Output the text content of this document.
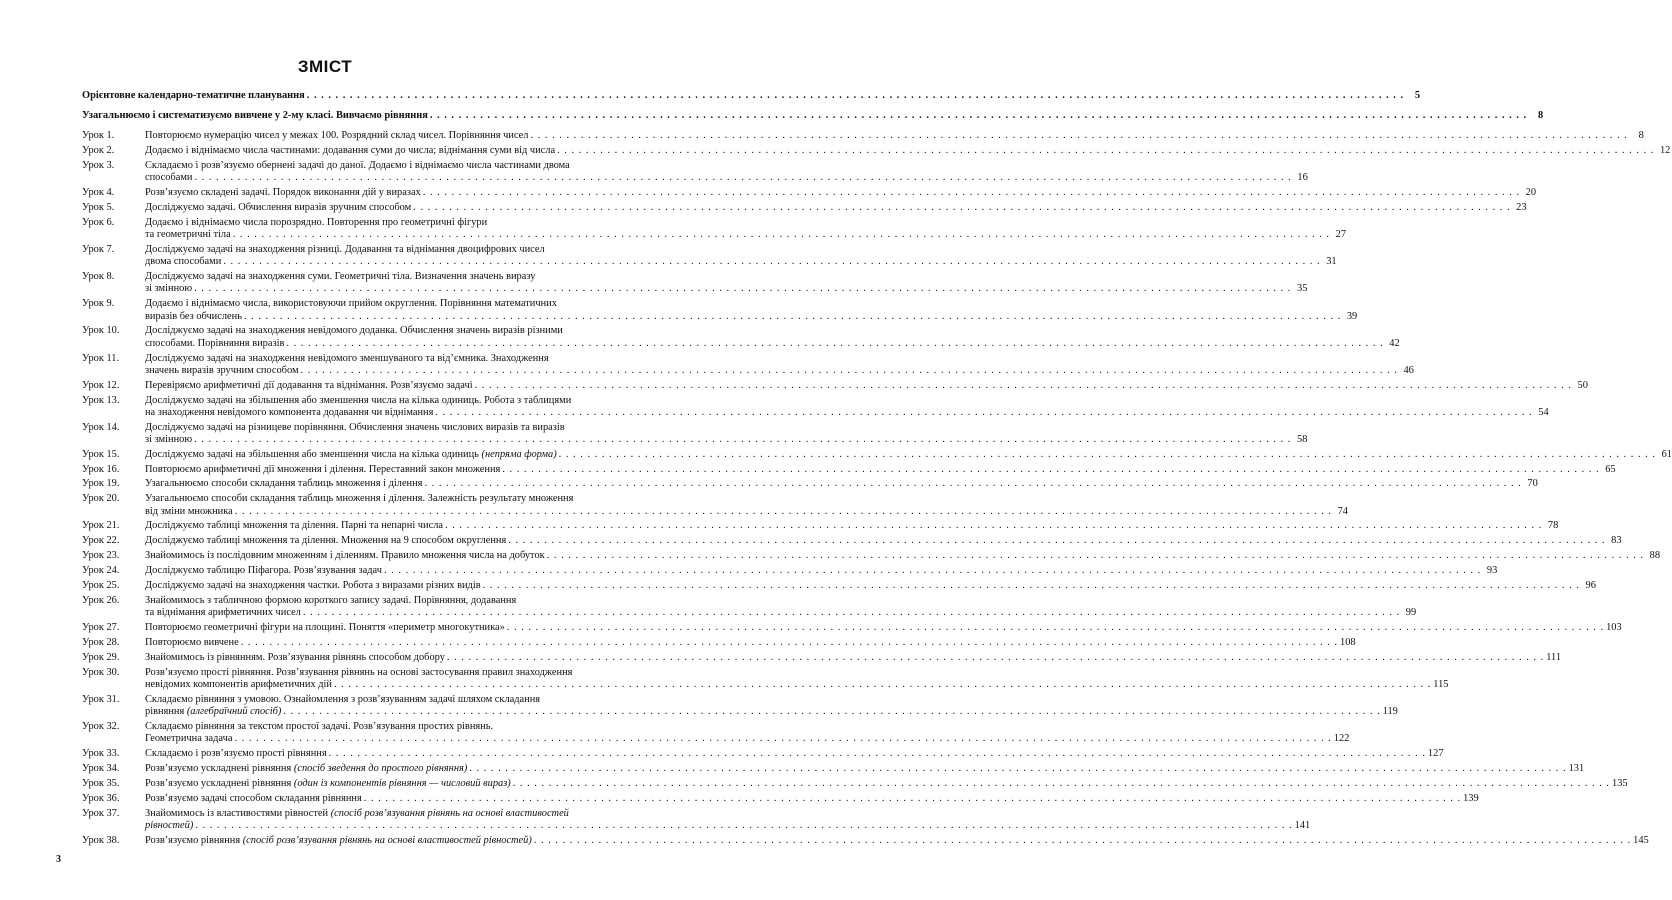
ЗМІСТ
Орієнтовне календарно-тематичне планування . . .	5
Узагальнюємо і систематизуємо вивчене у 2-му класі. Вивчаємо рівняння . . .	8
Урок 1.	Повторюємо нумерацію чисел у межах 100. Розрядний склад чисел. Порівняння чисел . . .	8
Урок 2.	Додаємо і віднімаємо числа частинами: додавання суми до числа; віднімання суми від числа . . .	12
Урок 3.	Складаємо і розв’язуємо обернені задачі до даної. Додаємо і віднімаємо числа частинами двома
способами . . .	16
Урок 4.	Розв’язуємо складені задачі. Порядок виконання дій у виразах . . .	20
Урок 5.	Досліджуємо задачі. Обчислення виразів зручним способом . . .	23
Урок 6.	Додаємо і віднімаємо числа порозрядно. Повторення про геометричні фігури
та геометричні тіла . . .	27
Урок 7.	Досліджуємо задачі на знаходження різниці. Додавання та віднімання двоцифрових чисел
двома способами . . .	31
Урок 8.	Досліджуємо задачі на знаходження суми. Геометричні тіла. Визначення значень виразу
зі змінною . . .	35
Урок 9.	Додаємо і віднімаємо числа, використовуючи прийом округлення. Порівняння математичних
виразів без обчислень . . .	39
Урок 10.	Досліджуємо задачі на знаходження невідомого доданка. Обчислення значень виразів різними
способами. Порівняння виразів . . .	42
Урок 11.	Досліджуємо задачі на знаходження невідомого зменшуваного та від’ємника. Знаходження
значень виразів зручним способом . . .	46
Урок 12.	Перевіряємо арифметичні дії додавання та віднімання. Розв’язуємо задачі . . .	50
Урок 13.	Досліджуємо задачі на збільшення або зменшення числа на кілька одиниць. Робота з таблицями
на знаходження невідомого компонента додавання чи віднімання . . .	54
Урок 14.	Досліджуємо задачі на різницеве порівняння. Обчислення значень числових виразів та виразів
зі змінною . . .	58
Урок 15.	Досліджуємо задачі на збільшення або зменшення числа на кілька одиниць (непряма форма) . . .	61
Урок 16.	Повторюємо арифметичні дії множення і ділення. Переставний закон множення . . .	65
Урок 19.	Узагальнюємо способи складання таблиць множення і ділення . . .	70
Урок 20.	Узагальнюємо способи складання таблиць множення і ділення. Залежність результату множення
від зміни множника . . .	74
Урок 21.	Досліджуємо таблиці множення та ділення. Парні та непарні числа . . .	78
Урок 22.	Досліджуємо таблиці множення та ділення. Множення на 9 способом округлення . . .	83
Урок 23.	Знайомимось із послідовним множенням і діленням. Правило множення числа на добуток . . .	88
Урок 24.	Досліджуємо таблицю Піфагора. Розв’язування задач . . .	93
Урок 25.	Досліджуємо задачі на знаходження частки. Робота з виразами різних видів . . .	96
Урок 26.	Знайомимось з табличною формою короткого запису задачі. Порівняння, додавання
та віднімання арифметичних чисел . . .	99
Урок 27.	Повторюємо геометричні фігури на площині. Поняття «периметр многокутника» . . .	103
Урок 28.	Повторюємо вивчене . . .	108
Урок 29.	Знайомимось із рівнянням. Розв’язування рівнянь способом добору . . .	111
Урок 30.	Розв’язуємо прості рівняння. Розв’язування рівнянь на основі застосування правил знаходження
невідомих компонентів арифметичних дій . . .	115
Урок 31.	Складаємо рівняння з умовою. Ознайомлення з розв’язуванням задачі шляхом складання
рівняння (алгебраїчний спосіб) . . .	119
Урок 32.	Складаємо рівняння за текстом простої задачі. Розв’язування простих рівнянь.
Геометрична задача . . .	122
Урок 33.	Складаємо і розв’язуємо прості рівняння . . .	127
Урок 34.	Розв’язуємо ускладнені рівняння (спосіб зведення до простого рівняння) . . .	131
Урок 35.	Розв’язуємо ускладнені рівняння (один із компонентів рівняння — числовий вираз) . . .	135
Урок 36.	Розв’язуємо задачі способом складання рівняння . . .	139
Урок 37.	Знайомимось із властивостями рівностей (спосіб розв’язування рівнянь на основі властивостей
рівностей) . . .	141
Урок 38.	Розв’язуємо рівняння (спосіб розв’язування рівнянь на основі властивостей рівностей) . . .	145
3
